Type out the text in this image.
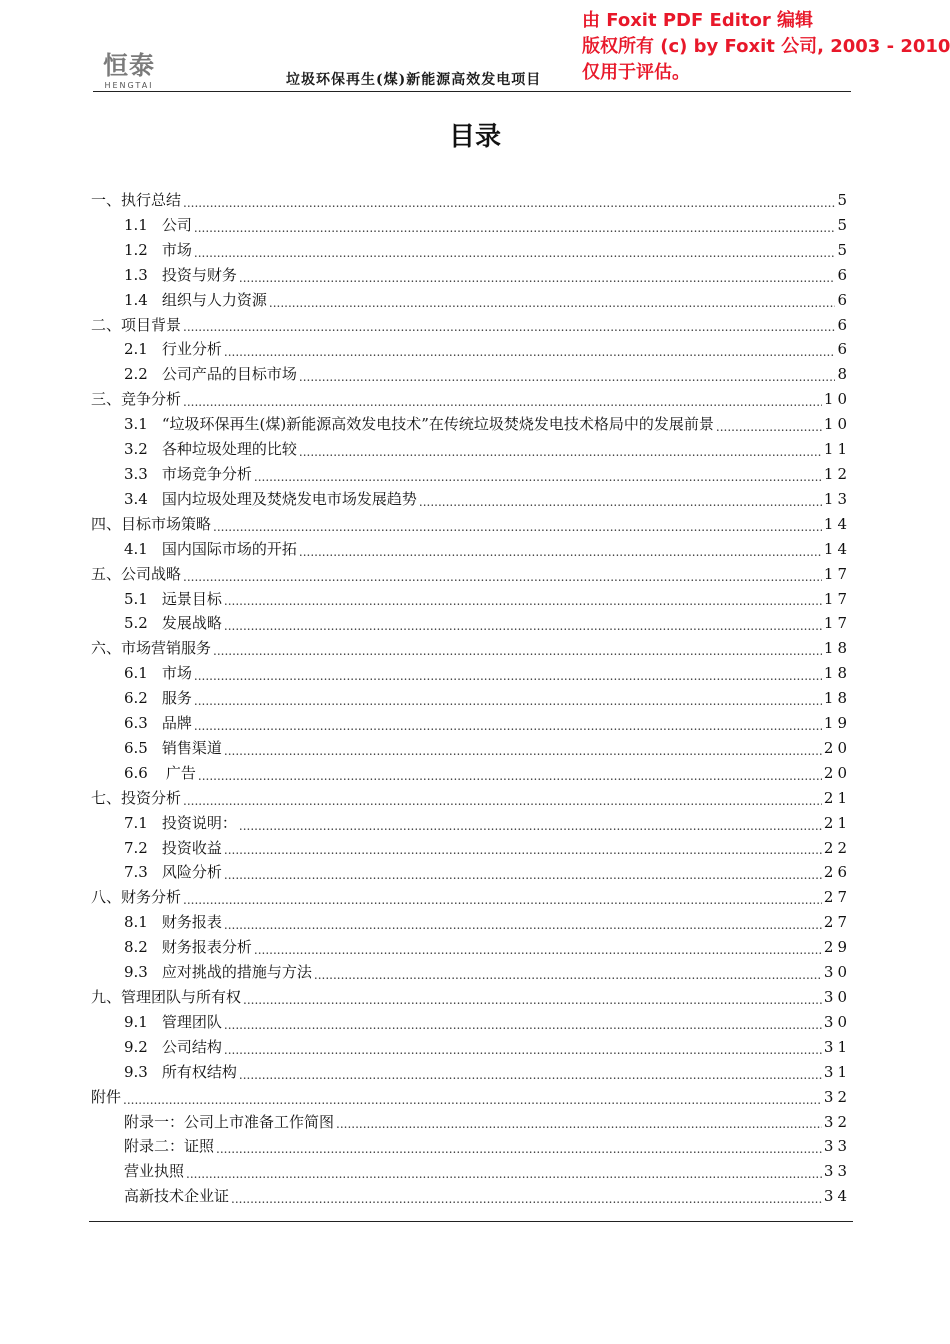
恒泰
HENGTAI	垃圾环保再生(煤)新能源高效发电项目
由 Foxit PDF Editor 编辑
版权所有 (c) by Foxit 公司, 2003 - 2010
仅用于评估。
目录
一、执行总结 .....	5
1.1 公司 .....	5
1.2 市场 .....	5
1.3 投资与财务 .....	6
1.4 组织与人力资源 .....	6
二、项目背景 .....	6
2.1 行业分析 .....	6
2.2 公司产品的目标市场 .....	8
三、竞争分析 .....	10
3.1 “垃圾环保再生(煤)新能源高效发电技术”在传统垃圾焚烧发电技术格局中的发展前景 .....	10
3.2 各种垃圾处理的比较 .....	11
3.3 市场竞争分析 .....	12
3.4 国内垃圾处理及焚烧发电市场发展趋势 .....	13
四、目标市场策略 .....	14
4.1 国内国际市场的开拓 .....	14
五、公司战略 .....	17
5.1 远景目标 .....	17
5.2 发展战略 .....	17
六、市场营销服务 .....	18
6.1 市场 .....	18
6.2 服务 .....	18
6.3 品牌 .....	19
6.5 销售渠道 .....	20
6.6 广告 .....	20
七、投资分析 .....	21
7.1 投资说明： .....	21
7.2 投资收益 .....	22
7.3 风险分析 .....	26
八、财务分析 .....	27
8.1 财务报表 .....	27
8.2 财务报表分析 .....	29
9.3 应对挑战的措施与方法 .....	30
九、管理团队与所有权 .....	30
9.1 管理团队 .....	30
9.2 公司结构 .....	31
9.3 所有权结构 .....	31
附件 .....	32
附录一：公司上市准备工作简图 .....	32
附录二：证照 .....	33
营业执照 .....	33
高新技术企业证 .....	34
